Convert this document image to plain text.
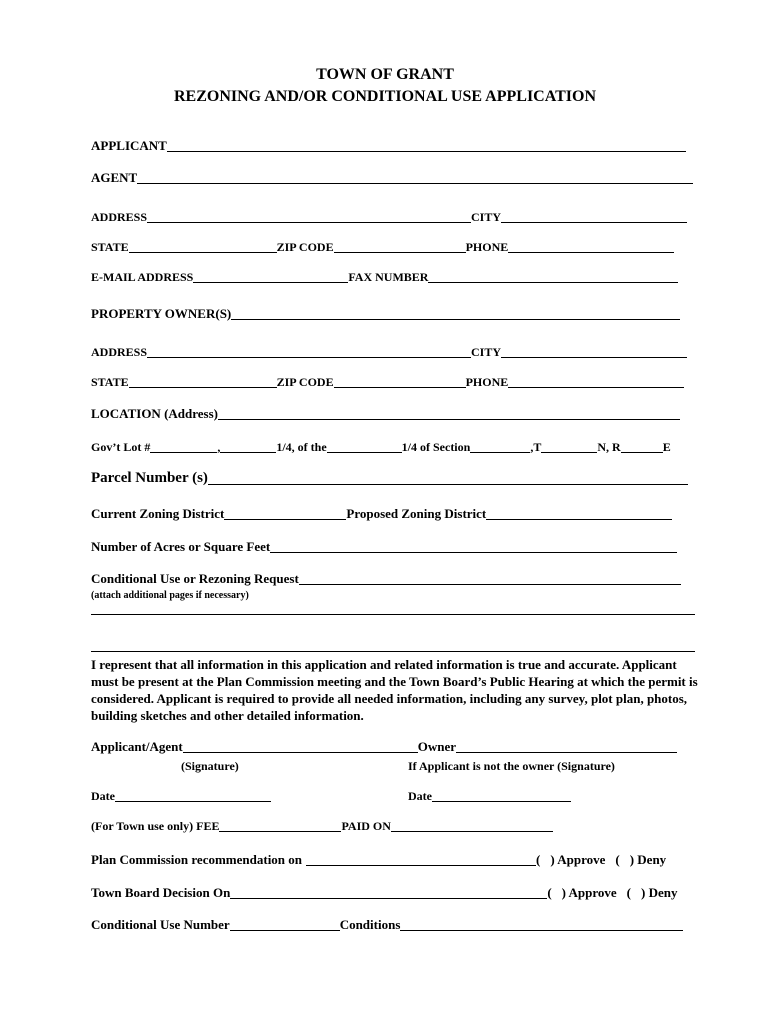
TOWN OF GRANT
REZONING AND/OR CONDITIONAL USE APPLICATION
APPLICANT
AGENT
ADDRESS	CITY
STATE	ZIP CODE	PHONE
E-MAIL ADDRESS	FAX NUMBER
PROPERTY OWNER(S)
ADDRESS	CITY
STATE	ZIP CODE	PHONE
LOCATION (Address)
Gov’t Lot #	,	1/4, of the	1/4 of Section	,T	N, R	E
Parcel Number (s)
Current Zoning District	Proposed Zoning District
Number of Acres or Square Feet
Conditional Use or Rezoning Request
(attach additional pages if necessary)
I represent that all information in this application and related information is true and accurate. Applicant must be present at the Plan Commission meeting and the Town Board’s Public Hearing at which the permit is considered. Applicant is required to provide all needed information, including any survey, plot plan, photos, building sketches and other detailed information.
Applicant/Agent	Owner
(Signature)	If Applicant is not the owner (Signature)
Date	Date
(For Town use only) FEE	PAID ON
Plan Commission recommendation on	( ) Approve ( ) Deny
Town Board Decision On	( ) Approve ( ) Deny
Conditional Use Number	Conditions
